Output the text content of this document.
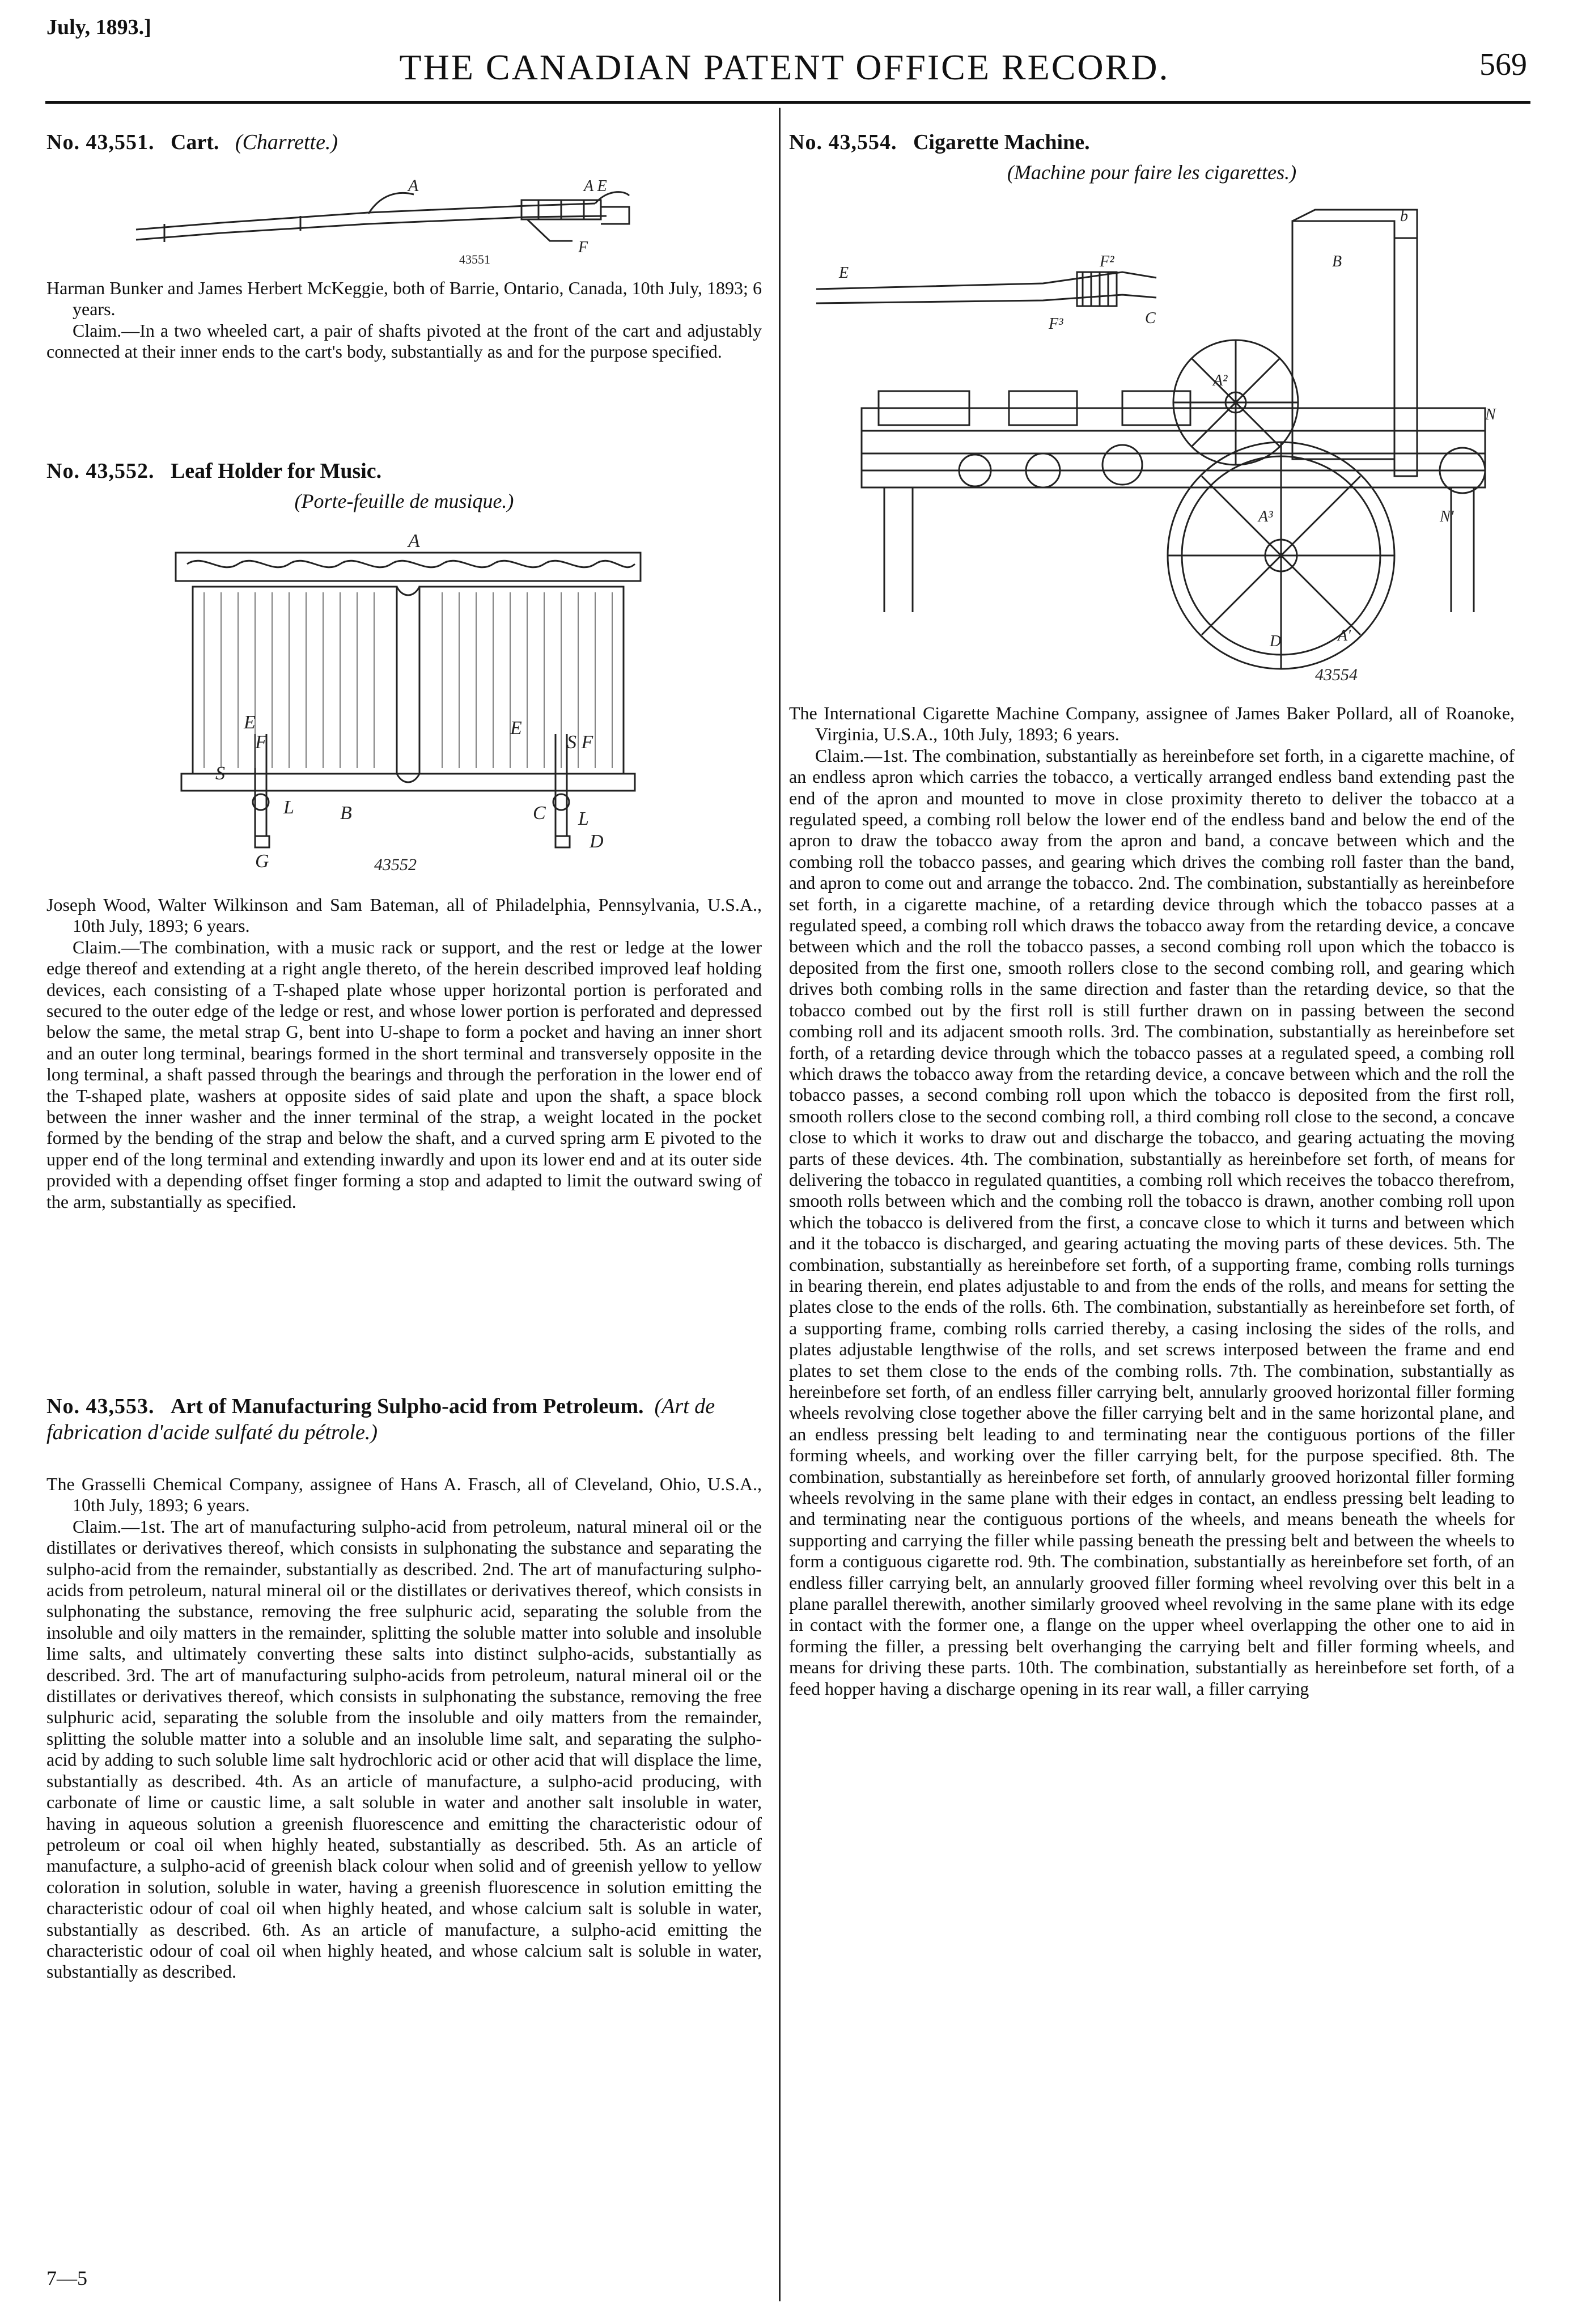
July, 1893.]
THE CANADIAN PATENT OFFICE RECORD.	569
No. 43,551. Cart. (Charrette.)
A	A E
F
43551

Harman Bunker and James Herbert McKeggie, both of Barrie, Ontario, Canada, 10th July, 1893; 6 years.

Claim.—In a two wheeled cart, a pair of shafts pivoted at the front of the cart and adjustably connected at their inner ends to the cart's body, substantially as and for the purpose specified.

No. 43,552. Leaf Holder for Music.
(Porte-feuille de musique.)
A
E
F
E
S F
S
B
L	C L
D
G	43552

Joseph Wood, Walter Wilkinson and Sam Bateman, all of Philadelphia, Pennsylvania, U.S.A., 10th July, 1893; 6 years.

Claim.—The combination, with a music rack or support, and the rest or ledge at the lower edge thereof and extending at a right angle thereto, of the herein described improved leaf holding devices, each consisting of a T-shaped plate whose upper horizontal portion is perforated and secured to the outer edge of the ledge or rest, and whose lower portion is perforated and depressed below the same, the metal strap G, bent into U-shape to form a pocket and having an inner short and an outer long terminal, bearings formed in the short terminal and transversely opposite in the long terminal, a shaft passed through the bearings and through the perforation in the lower end of the T-shaped plate, washers at opposite sides of said plate and upon the shaft, a space block between the inner washer and the inner terminal of the strap, a weight located in the pocket formed by the bending of the strap and below the shaft, and a curved spring arm E pivoted to the upper end of the long terminal and extending inwardly and upon its lower end and at its outer side provided with a depending offset finger forming a stop and adapted to limit the outward swing of the arm, substantially as specified.

No. 43,553. Art of Manufacturing Sulpho-acid from Petroleum. (Art de fabrication d'acide sulfaté du pétrole.)

The Grasselli Chemical Company, assignee of Hans A. Frasch, all of Cleveland, Ohio, U.S.A., 10th July, 1893; 6 years.

Claim.—1st. The art of manufacturing sulpho-acid from petroleum, natural mineral oil or the distillates or derivatives thereof, which consists in sulphonating the substance and separating the sulpho-acid from the remainder, substantially as described. 2nd. The art of manufacturing sulpho-acids from petroleum, natural mineral oil or the distillates or derivatives thereof, which consists in sulphonating the substance, removing the free sulphuric acid, separating the soluble from the insoluble and oily matters in the remainder, splitting the soluble matter into soluble and insoluble lime salts, and ultimately converting these salts into distinct sulpho-acids, substantially as described. 3rd. The art of manufacturing sulpho-acids from petroleum, natural mineral oil or the distillates or derivatives thereof, which consists in sulphonating the substance, removing the free sulphuric acid, separating the soluble from the insoluble and oily matters from the remainder, splitting the soluble matter into a soluble and an insoluble lime salt, and separating the sulpho-acid by adding to such soluble lime salt hydrochloric acid or other acid that will displace the lime, substantially as described. 4th. As an article of manufacture, a sulpho-acid producing, with carbonate of lime or caustic lime, a salt soluble in water and another salt insoluble in water, having in aqueous solution a greenish fluorescence and emitting the characteristic odour of petroleum or coal oil when highly heated, substantially as described. 5th. As an article of manufacture, a sulpho-acid of greenish black colour when solid and of greenish yellow to yellow coloration in solution, soluble in water, having a greenish fluorescence in solution emitting the characteristic odour of coal oil when highly heated, and whose calcium salt is soluble in water, substantially as described. 6th. As an article of manufacture, a sulpho-acid emitting the characteristic odour of coal oil when highly heated, and whose calcium salt is soluble in water, substantially as described.

7—5
No. 43,554. Cigarette Machine.
(Machine pour faire les cigarettes.)
E
F²
F³	C
b
B
A²
A³
D
N
N'
A'
43554

The International Cigarette Machine Company, assignee of James Baker Pollard, all of Roanoke, Virginia, U.S.A., 10th July, 1893; 6 years.

Claim.—1st. The combination, substantially as hereinbefore set forth, in a cigarette machine, of an endless apron which carries the tobacco, a vertically arranged endless band extending past the end of the apron and mounted to move in close proximity thereto to deliver the tobacco at a regulated speed, a combing roll below the lower end of the endless band and below the end of the apron to draw the tobacco away from the apron and band, a concave between which and the combing roll the tobacco passes, and gearing which drives the combing roll faster than the band, and apron to come out and arrange the tobacco. 2nd. The combination, substantially as hereinbefore set forth, in a cigarette machine, of a retarding device through which the tobacco passes at a regulated speed, a combing roll which draws the tobacco away from the retarding device, a concave between which and the roll the tobacco passes, a second combing roll upon which the tobacco is deposited from the first one, smooth rollers close to the second combing roll, and gearing which drives both combing rolls in the same direction and faster than the retarding device, so that the tobacco combed out by the first roll is still further drawn on in passing between the second combing roll and its adjacent smooth rolls. 3rd. The combination, substantially as hereinbefore set forth, of a retarding device through which the tobacco passes at a regulated speed, a combing roll which draws the tobacco away from the retarding device, a concave between which and the roll the tobacco passes, a second combing roll upon which the tobacco is deposited from the first roll, smooth rollers close to the second combing roll, a third combing roll close to the second, a concave close to which it works to draw out and discharge the tobacco, and gearing actuating the moving parts of these devices. 4th. The combination, substantially as hereinbefore set forth, of means for delivering the tobacco in regulated quantities, a combing roll which receives the tobacco therefrom, smooth rolls between which and the combing roll the tobacco is drawn, another combing roll upon which the tobacco is delivered from the first, a concave close to which it turns and between which and it the tobacco is discharged, and gearing actuating the moving parts of these devices. 5th. The combination, substantially as hereinbefore set forth, of a supporting frame, combing rolls turnings in bearing therein, end plates adjustable to and from the ends of the rolls, and means for setting the plates close to the ends of the rolls. 6th. The combination, substantially as hereinbefore set forth, of a supporting frame, combing rolls carried thereby, a casing inclosing the sides of the rolls, and plates adjustable lengthwise of the rolls, and set screws interposed between the frame and end plates to set them close to the ends of the combing rolls. 7th. The combination, substantially as hereinbefore set forth, of an endless filler carrying belt, annularly grooved horizontal filler forming wheels revolving close together above the filler carrying belt and in the same horizontal plane, and an endless pressing belt leading to and terminating near the contiguous portions of the filler forming wheels, and working over the filler carrying belt, for the purpose specified. 8th. The combination, substantially as hereinbefore set forth, of annularly grooved horizontal filler forming wheels revolving in the same plane with their edges in contact, an endless pressing belt leading to and terminating near the contiguous portions of the wheels, and means beneath the wheels for supporting and carrying the filler while passing beneath the pressing belt and between the wheels to form a contiguous cigarette rod. 9th. The combination, substantially as hereinbefore set forth, of an endless filler carrying belt, an annularly grooved filler forming wheel revolving over this belt in a plane parallel therewith, another similarly grooved wheel revolving in the same plane with its edge in contact with the former one, a flange on the upper wheel overlapping the other one to aid in forming the filler, a pressing belt overhanging the carrying belt and filler forming wheels, and means for driving these parts. 10th. The combination, substantially as hereinbefore set forth, of a feed hopper having a discharge opening in its rear wall, a filler carrying
